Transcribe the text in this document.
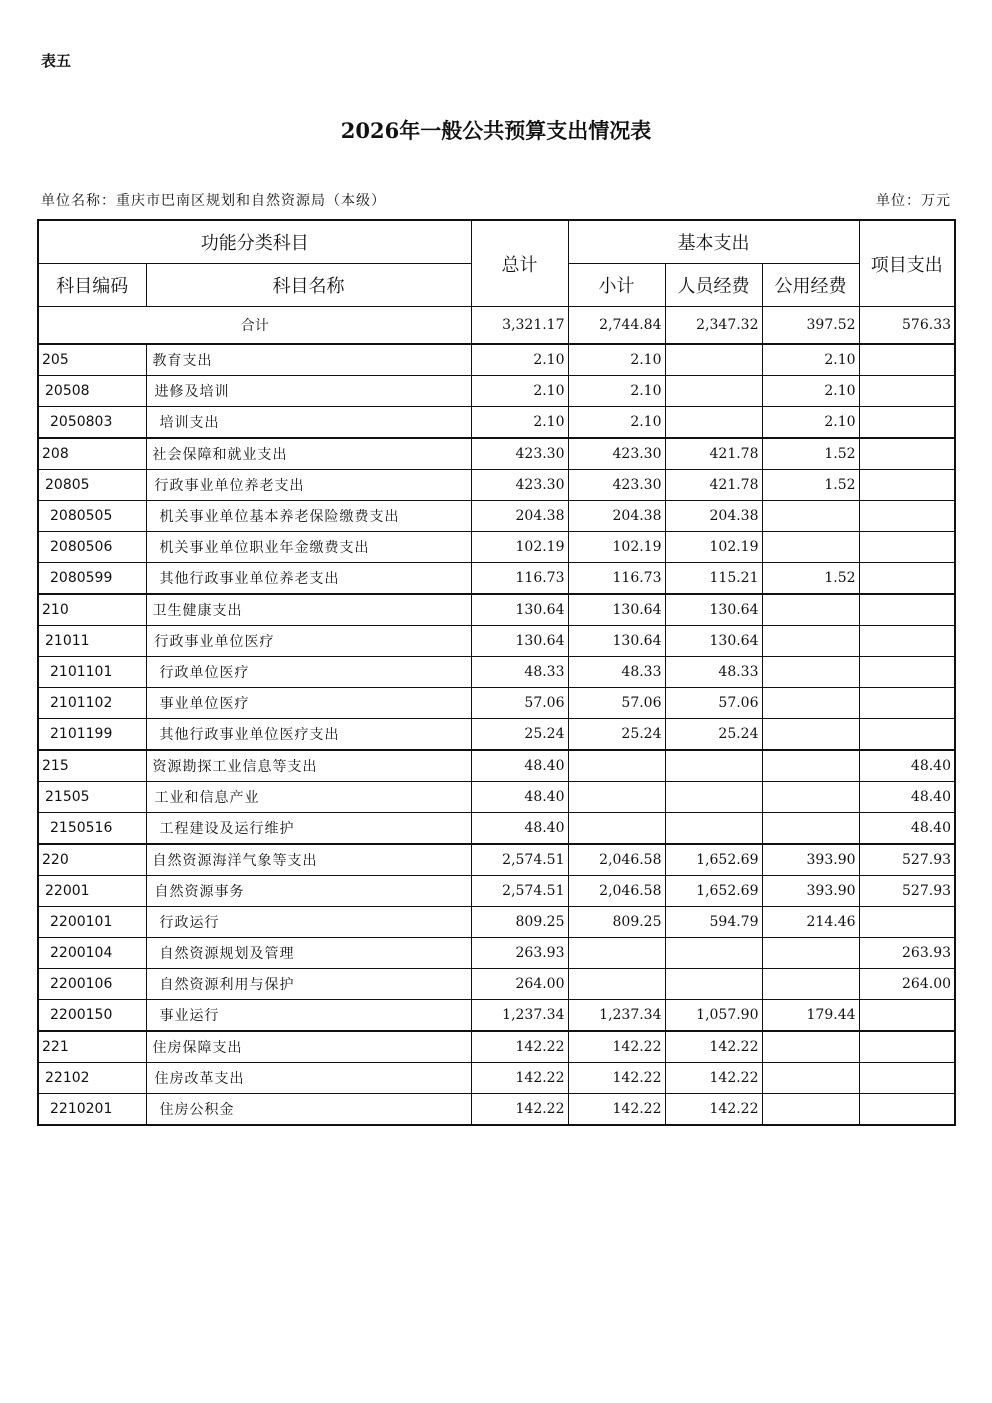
表五
2026年一般公共预算支出情况表
单位名称：重庆市巴南区规划和自然资源局（本级）	单位：万元
功能分类科目		总计	基本支出			项目支出
科目编码	科目名称		小计	人员经费	公用经费	
合计		3,321.17	2,744.84	2,347.32	397.52	576.33
205	教育支出	2.10	2.10		2.10	
20508	进修及培训	2.10	2.10		2.10	
2050803	培训支出	2.10	2.10		2.10	
208	社会保障和就业支出	423.30	423.30	421.78	1.52	
20805	行政事业单位养老支出	423.30	423.30	421.78	1.52	
2080505	机关事业单位基本养老保险缴费支出	204.38	204.38	204.38		
2080506	机关事业单位职业年金缴费支出	102.19	102.19	102.19		
2080599	其他行政事业单位养老支出	116.73	116.73	115.21	1.52	
210	卫生健康支出	130.64	130.64	130.64		
21011	行政事业单位医疗	130.64	130.64	130.64		
2101101	行政单位医疗	48.33	48.33	48.33		
2101102	事业单位医疗	57.06	57.06	57.06		
2101199	其他行政事业单位医疗支出	25.24	25.24	25.24		
215	资源勘探工业信息等支出	48.40				48.40
21505	工业和信息产业	48.40				48.40
2150516	工程建设及运行维护	48.40				48.40
220	自然资源海洋气象等支出	2,574.51	2,046.58	1,652.69	393.90	527.93
22001	自然资源事务	2,574.51	2,046.58	1,652.69	393.90	527.93
2200101	行政运行	809.25	809.25	594.79	214.46	
2200104	自然资源规划及管理	263.93				263.93
2200106	自然资源利用与保护	264.00				264.00
2200150	事业运行	1,237.34	1,237.34	1,057.90	179.44	
221	住房保障支出	142.22	142.22	142.22		
22102	住房改革支出	142.22	142.22	142.22		
2210201	住房公积金	142.22	142.22	142.22		
